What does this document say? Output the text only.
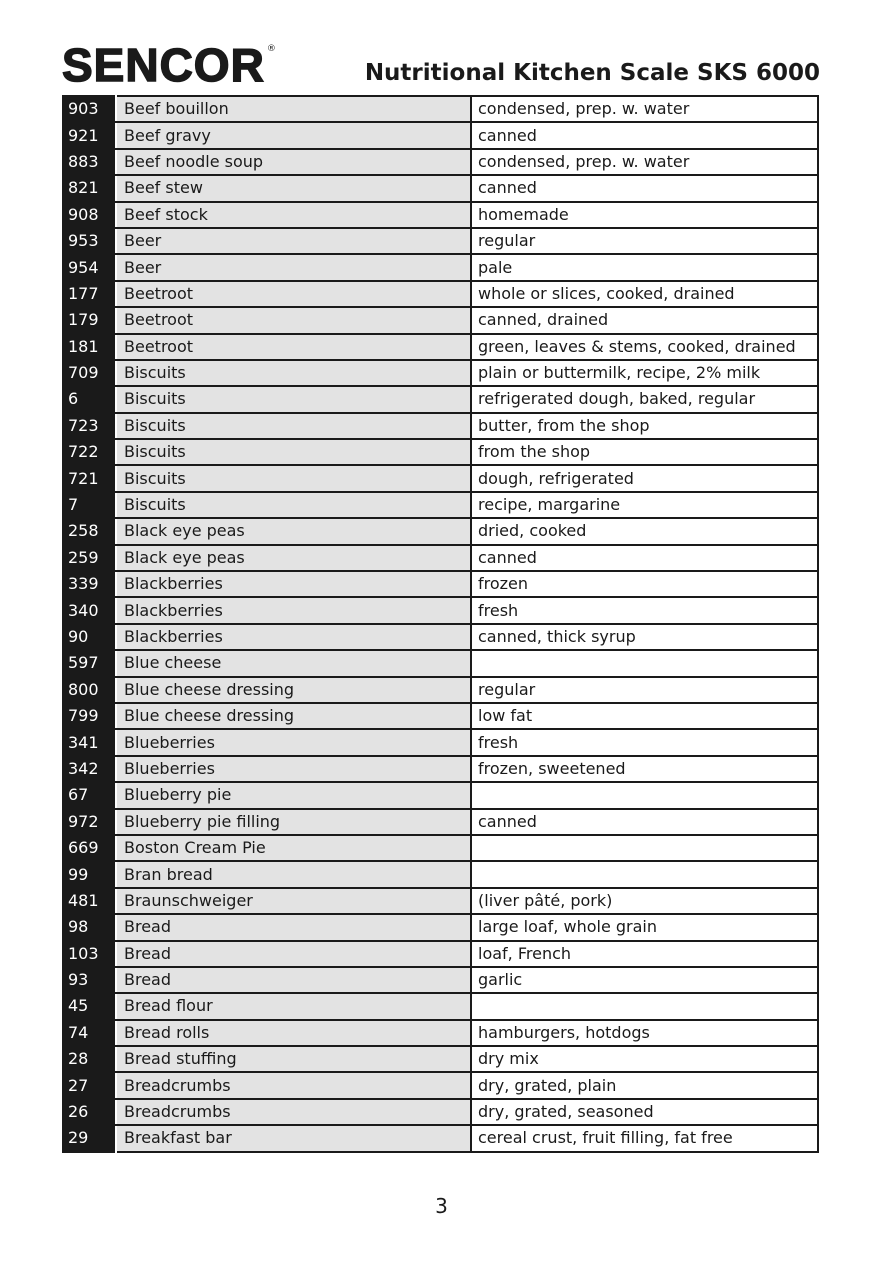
SENCOR ®
Nutritional Kitchen Scale SKS 6000
903	Beef bouillon	condensed, prep. w. water
921	Beef gravy	canned
883	Beef noodle soup	condensed, prep. w. water
821	Beef stew	canned
908	Beef stock	homemade
953	Beer	regular
954	Beer	pale
177	Beetroot	whole or slices, cooked, drained
179	Beetroot	canned, drained
181	Beetroot	green, leaves & stems, cooked, drained
709	Biscuits	plain or buttermilk, recipe, 2% milk
6	Biscuits	refrigerated dough, baked, regular
723	Biscuits	butter, from the shop
722	Biscuits	from the shop
721	Biscuits	dough, refrigerated
7	Biscuits	recipe, margarine
258	Black eye peas	dried, cooked
259	Black eye peas	canned
339	Blackberries	frozen
340	Blackberries	fresh
90	Blackberries	canned, thick syrup
597	Blue cheese	
800	Blue cheese dressing	regular
799	Blue cheese dressing	low fat
341	Blueberries	fresh
342	Blueberries	frozen, sweetened
67	Blueberry pie	
972	Blueberry pie filling	canned
669	Boston Cream Pie	
99	Bran bread	
481	Braunschweiger	(liver pâté, pork)
98	Bread	large loaf, whole grain
103	Bread	loaf, French
93	Bread	garlic
45	Bread flour	
74	Bread rolls	hamburgers, hotdogs
28	Bread stuffing	dry mix
27	Breadcrumbs	dry, grated, plain
26	Breadcrumbs	dry, grated, seasoned
29	Breakfast bar	cereal crust, fruit filling, fat free
3
